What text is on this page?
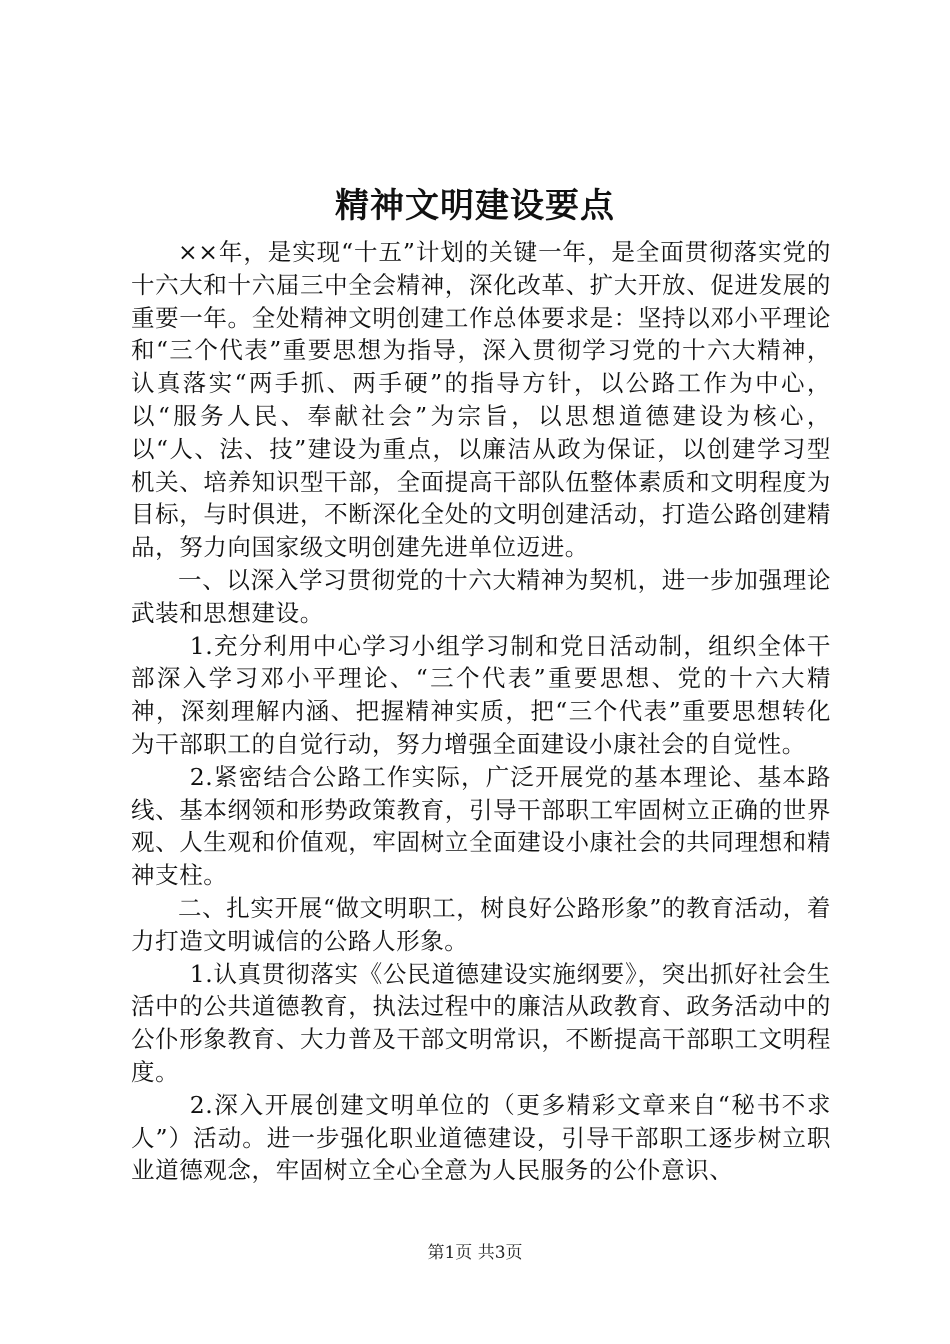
精神文明建设要点

××年，是实现“十五”计划的关键一年，是全面贯彻落实党的十六大和十六届三中全会精神，深化改革、扩大开放、促进发展的重要一年。全处精神文明创建工作总体要求是：坚持以邓小平理论和“三个代表”重要思想为指导，深入贯彻学习党的十六大精神，认真落实“两手抓、两手硬”的指导方针，以公路工作为中心，以“服务人民、奉献社会”为宗旨，以思想道德建设为核心，以“人、法、技”建设为重点，以廉洁从政为保证，以创建学习型机关、培养知识型干部，全面提高干部队伍整体素质和文明程度为目标，与时俱进，不断深化全处的文明创建活动，打造公路创建精品，努力向国家级文明创建先进单位迈进。

一、以深入学习贯彻党的十六大精神为契机，进一步加强理论武装和思想建设。

1.充分利用中心学习小组学习制和党日活动制，组织全体干部深入学习邓小平理论、“三个代表”重要思想、党的十六大精神，深刻理解内涵、把握精神实质，把“三个代表”重要思想转化为干部职工的自觉行动，努力增强全面建设小康社会的自觉性。

2.紧密结合公路工作实际，广泛开展党的基本理论、基本路线、基本纲领和形势政策教育，引导干部职工牢固树立正确的世界观、人生观和价值观，牢固树立全面建设小康社会的共同理想和精神支柱。

二、扎实开展“做文明职工，树良好公路形象”的教育活动，着力打造文明诚信的公路人形象。

1.认真贯彻落实《公民道德建设实施纲要》，突出抓好社会生活中的公共道德教育，执法过程中的廉洁从政教育、政务活动中的公仆形象教育、大力普及干部文明常识，不断提高干部职工文明程度。

2.深入开展创建文明单位的（更多精彩文章来自“秘书不求人”）活动。进一步强化职业道德建设，引导干部职工逐步树立职业道德观念，牢固树立全心全意为人民服务的公仆意识、

第1页 共3页
